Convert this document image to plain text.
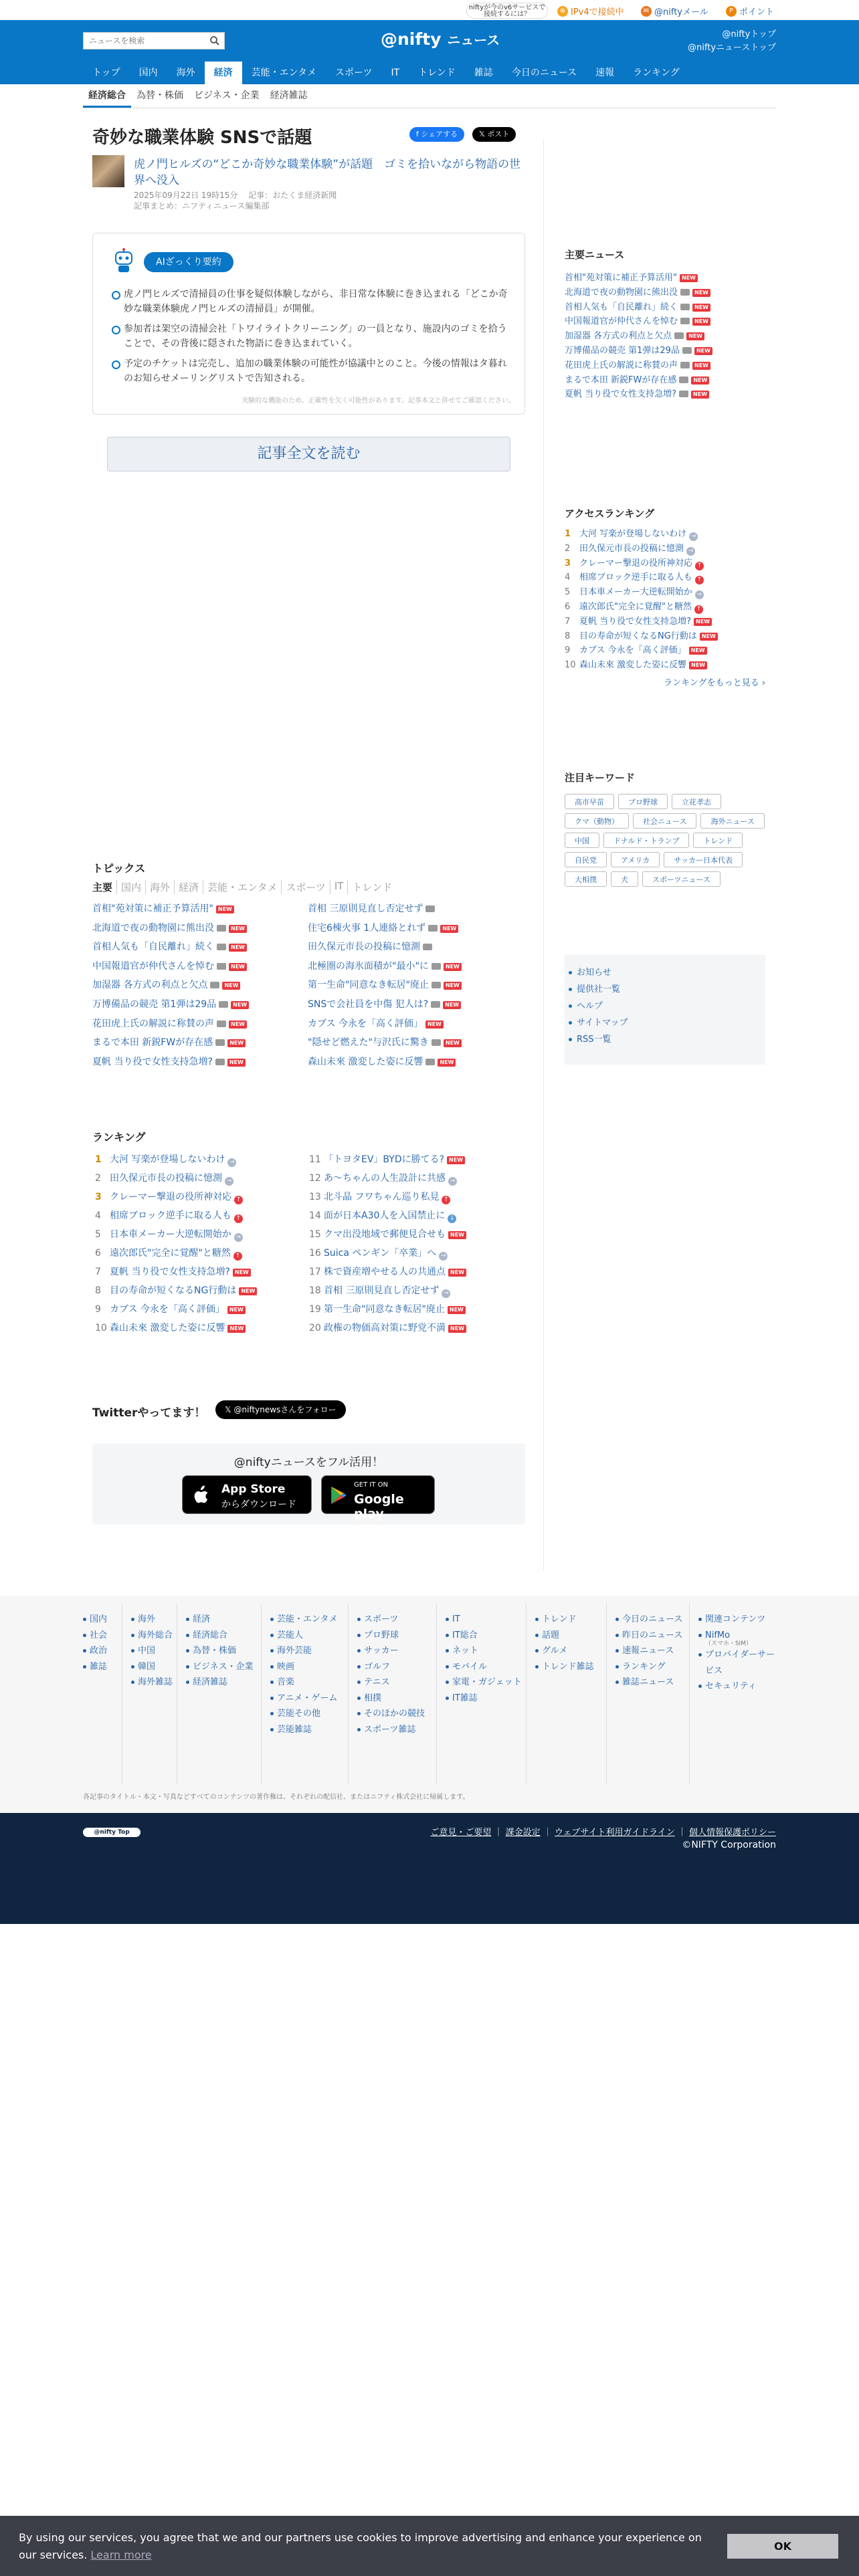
niftyが今のv6サービスで接続するには？	⊕ IPv4で接続中	✉ @niftyメール	P ポイント
ニュースを検索
@nifty ニュース	@niftyトップ
@niftyニューストップ
トップ	国内	海外	経済	芸能・エンタメ	スポーツ	IT	トレンド	雑誌	今日のニュース	速報	ランキング
経済総合	為替・株価	ビジネス・企業	経済雑誌
奇妙な職業体験 SNSで話題	f シェアする	𝕏 ポスト
虎ノ門ヒルズの“どこか奇妙な職業体験”が話題　ゴミを拾いながら物語の世界へ没入
2025年09月22日 19時15分　 記事：おたくま経済新聞
記事まとめ：ニフティニュース編集部
AIざっくり要約
虎ノ門ヒルズで清掃員の仕事を疑似体験しながら、非日常な体験に巻き込まれる「どこか奇妙な職業体験虎ノ門ヒルズの清掃員」が開催。
参加者は架空の清掃会社「トワイライトクリーニング」の一員となり、施設内のゴミを拾うことで、その背後に隠された物語に巻き込まれていく。
予定のチケットは完売し、追加の職業体験の可能性が協議中とのこと。今後の情報はタ暮れのお知らせメーリングリストで告知される。
実験的な機能のため、正確性を欠く可能性があります。記事本文と併せてご確認ください。
記事全文を読む
トピックス
主要 国内 海外 経済 芸能・エンタメ スポーツ IT トレンド
首相"苑対策に補正予算活用" NEW
北海道で夜の動物園に熊出没	NEW
首相人気も「自民離れ」続く	NEW
中国報道官が仲代さんを悼む	NEW
加湿器 各方式の利点と欠点	NEW
万博備品の競売 第1弾は29品	NEW
花田虎上氏の解説に称賛の声	NEW
まるで本田 新鋭FWが存在感	NEW
夏帆 当り役で女性支持急増?	NEW
首相 三原則見直し否定せず
住宅6棟火事 1人連絡とれず	NEW
田久保元市長の投稿に憶測
北極圏の海氷面積が"最小"に	NEW
第一生命"同意なき転居"廃止	NEW
SNSで会社員を中傷 犯人は?	NEW
カブス 今永を「高く評価」 NEW
"隠せど燃えた"与沢氏に驚き	NEW
森山未來 激変した姿に反響	NEW
ランキング
1 大河 写楽が登場しないわけ →
2 田久保元市長の投稿に憶測 →
3 クレーマー撃退の役所神対応 ↑
4 相席ブロック逆手に取る人も ↑
5 日本車メーカー大逆転開始か →
6 遠次郎氏"完全に覚醒"と糖然 ↑
7 夏帆 当り役で女性支持急増? NEW
8 目の寿命が短くなるNG行動は NEW
9 カブス 今永を「高く評価」 NEW
10 森山未來 激変した姿に反響 NEW
11 「トヨタEV」BYDに勝てる? NEW
12 あ〜ちゃんの人生設計に共感 →
13 北斗晶 フワちゃん巡り私見 ↑
14 面が日本A30人を入国禁止に ↓
15 クマ出没地域で郵便見合せも NEW
16 Suica ペンギン「卒業」へ →
17 株で資産増やせる人の共通点 NEW
18 首相 三原則見直し否定せず →
19 第一生命"同意なき転居"廃止 NEW
20 政権の物価高対策に野党不満 NEW
Twitterやってます！	𝕏 @niftynewsさんをフォロー
@niftyニュースをフル活用！
App Store
からダウンロード
GET IT ON
Google play
主要ニュース
首相"苑対策に補正予算活用" NEW
北海道で夜の動物園に熊出没	NEW
首相人気も「自民離れ」続く	NEW
中国報道官が仲代さんを悼む	NEW
加湿器 各方式の利点と欠点	NEW
万博備品の競売 第1弾は29品	NEW
花田虎上氏の解説に称賛の声	NEW
まるで本田 新鋭FWが存在感	NEW
夏帆 当り役で女性支持急増?	NEW
アクセスランキング
1 大河 写楽が登場しないわけ →
2 田久保元市長の投稿に憶測 →
3 クレーマー撃退の役所神対応 ↑
4 相席ブロック逆手に取る人も ↑
5 日本車メーカー大逆転開始か →
6 遠次郎氏"完全に覚醒"と糖然 ↑
7 夏帆 当り役で女性支持急増? NEW
8 目の寿命が短くなるNG行動は NEW
9 カブス 今永を「高く評価」 NEW
10 森山未來 激変した姿に反響 NEW
ランキングをもっと見る ›
注目キーワード
高市早苗	プロ野球	立花孝志
クマ（動物）	社会ニュース	海外ニュース
中国	ドナルド・トランプ	トレンド
自民党	アメリカ	サッカー日本代表
大相撲	犬	スポーツニュース
お知らせ
提供社一覧
ヘルプ
サイトマップ
RSS一覧
国内
社会
政治
雑誌
海外
海外総合
中国
韓国
海外雑誌
経済
経済総合
為替・株価
ビジネス・企業
経済雑誌
芸能・エンタメ
芸能人
海外芸能
映画
音楽
アニメ・ゲーム
芸能その他
芸能雑誌
スポーツ
プロ野球
サッカー
ゴルフ
テニス
相撲
そのほかの競技
スポーツ雑誌
IT
IT総合
ネット
モバイル
家電・ガジェット
IT雑誌
トレンド
話題
グルメ
トレンド雑誌
今日のニュース
昨日のニュース
速報ニュース
ランキング
雑誌ニュース
関連コンテンツ
NifMo
（スマホ・SIM）
プロバイダーサービス
セキュリティ
各記事のタイトル・本文・写真などすべてのコンテンツの著作権は、それぞれの配信社、またはニフティ株式会社に帰属します。
@nifty Top	ご意見・ご要望 ｜ 課金設定 ｜ ウェブサイト利用ガイドライン ｜ 個人情報保護ポリシー
©NIFTY Corporation
By using our services, you agree that we and our partners use cookies to improve advertising and enhance your experience on our services. Learn more
OK
